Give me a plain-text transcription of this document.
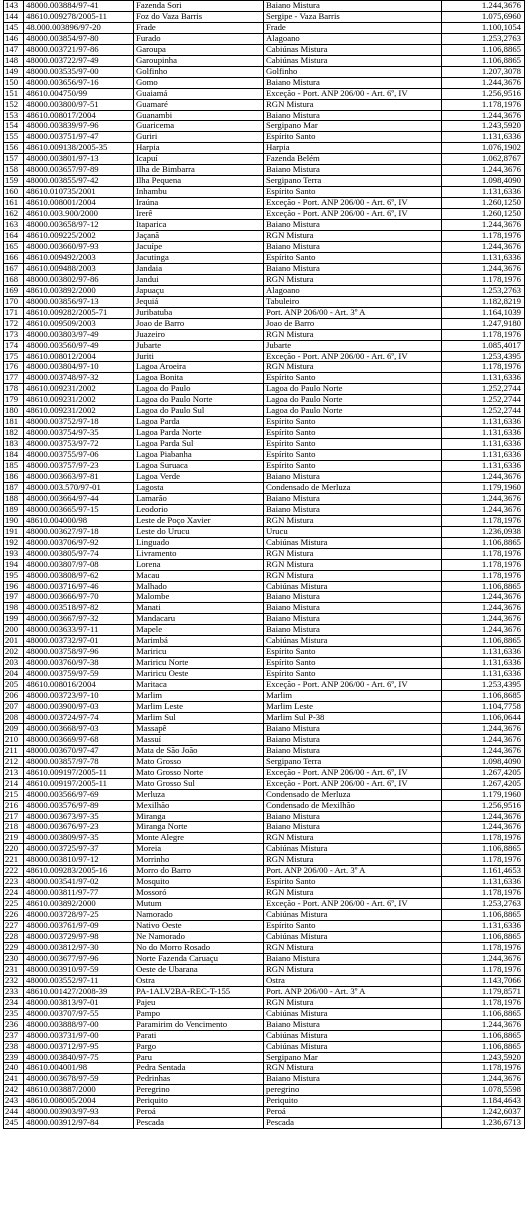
143	48000.003884/97-41	Fazenda Sori	Baiano Mistura	1.244,3676
144	48610.009278/2005-11	Foz do Vaza Barris	Sergipe - Vaza Barris	1.075,6960
145	48.000.003896/97-20	Frade	Frade	1.100,1054
146	48000.003854/97-80	Furado	Alagoano	1.253,2763
147	48000.003721/97-86	Garoupa	Cabiúnas Mistura	1.106,8865
148	48000.003722/97-49	Garoupinha	Cabiúnas Mistura	1.106,8865
149	48000.003535/97-00	Golfinho	Golfinho	1.207,3078
150	48000.003656/97-16	Gomo	Baiano Mistura	1.244,3676
151	48610.004750/99	Guaiamá	Exceção - Port. ANP 206/00 - Art. 6º, IV	1.256,9516
152	48000.003800/97-51	Guamaré	RGN Mistura	1.178,1976
153	48610.008017/2004	Guanambi	Baiano Mistura	1.244,3676
154	48000.003839/97-96	Guaricema	Sergipano Mar	1.243,5920
155	48000.003751/97-47	Guriri	Espírito Santo	1.131,6336
156	48610.009138/2005-35	Harpia	Harpia	1.076,1902
157	48000.003801/97-13	Icapuí	Fazenda Belém	1.062,8767
158	48000.003657/97-89	Ilha de Bimbarra	Baiano Mistura	1.244,3676
159	48000.003855/97-42	Ilha Pequena	Sergipano Terra	1.098,4090
160	48610.010735/2001	Inhambu	Espírito Santo	1.131,6336
161	48610.008001/2004	Iraúna	Exceção - Port. ANP 206/00 - Art. 6º, IV	1.260,1250
162	48610.003.900/2000	Irerê	Exceção - Port. ANP 206/00 - Art. 6º, IV	1.260,1250
163	48000.003658/97-12	Itaparica	Baiano Mistura	1.244,3676
164	48610.009225/2002	Jaçanã	RGN Mistura	1.178,1976
165	48000.003660/97-93	Jacuípe	Baiano Mistura	1.244,3676
166	48610.009492/2003	Jacutinga	Espírito Santo	1.131,6336
167	48610.009488/2003	Jandaia	Baiano Mistura	1.244,3676
168	48000.003802/97-86	Jandui	RGN Mistura	1.178,1976
169	48610.003892/2000	Japuaçu	Alagoano	1.253,2763
170	48000.003856/97-13	Jequiá	Tabuleiro	1.182,8219
171	48610.009282/2005-71	Juribatuba	Port. ANP 206/00 - Art. 3º A	1.164,1039
172	48610.009509/2003	Joao de Barro	Joao de Barro	1.247,9180
173	48000.003803/97-49	Juazeiro	RGN Mistura	1.178,1976
174	48000.003560/97-49	Jubarte	Jubarte	1.085,4017
175	48610.008012/2004	Juriti	Exceção - Port. ANP 206/00 - Art. 6º, IV	1.253,4395
176	48000.003804/97-10	Lagoa Aroeira	RGN Mistura	1.178,1976
177	48000.003748/97-32	Lagoa Bonita	Espírito Santo	1.131,6336
178	48610.009231/2002	Lagoa do Paulo	Lagoa do Paulo Norte	1.252,2744
179	48610.009231/2002	Lagoa do Paulo Norte	Lagoa do Paulo Norte	1.252,2744
180	48610.009231/2002	Lagoa do Paulo Sul	Lagoa do Paulo Norte	1.252,2744
181	48000.003752/97-18	Lagoa Parda	Espírito Santo	1.131,6336
182	48000.003754/97-35	Lagoa Parda Norte	Espírito Santo	1.131,6336
183	48000.003753/97-72	Lagoa Parda Sul	Espírito Santo	1.131,6336
184	48000.003755/97-06	Lagoa Piabanha	Espírito Santo	1.131,6336
185	48000.003757/97-23	Lagoa Suruaca	Espírito Santo	1.131,6336
186	48000.003663/97-81	Lagoa Verde	Baiano Mistura	1.244,3676
187	48000.003.570/97-01	Lagosta	Condensado de Merluza	1.179,1960
188	48000.003664/97-44	Lamarão	Baiano Mistura	1.244,3676
189	48000.003665/97-15	Leodorio	Baiano Mistura	1.244,3676
190	48610.004000/98	Leste de Poço Xavier	RGN Mistura	1.178,1976
191	48000.003627/97-18	Leste do Urucu	Urucu	1.236,0938
192	48000.003706/97-92	Linguado	Cabiúnas Mistura	1.106,8865
193	48000.003805/97-74	Livramento	RGN Mistura	1.178,1976
194	48000.003807/97-08	Lorena	RGN Mistura	1.178,1976
195	48000.003808/97-62	Macau	RGN Mistura	1.178,1976
196	48000.003716/97-46	Malhado	Cabiúnas Mistura	1.106,8865
197	48000.003666/97-70	Malombe	Baiano Mistura	1.244,3676
198	48000.003518/97-82	Manati	Baiano Mistura	1.244,3676
199	48000.003667/97-32	Mandacaru	Baiano Mistura	1.244,3676
200	48000.003633/97-11	Mapele	Baiano Mistura	1.244,3676
201	48000.003732/97-01	Marimbá	Cabiúnas Mistura	1.106,8865
202	48000.003758/97-96	Mariricu	Espírito Santo	1.131,6336
203	48000.003760/97-38	Mariricu Norte	Espírito Santo	1.131,6336
204	48000.003759/97-59	Mariricu Oeste	Espírito Santo	1.131,6336
205	48610.008016/2004	Maritaca	Exceção - Port. ANP 206/00 - Art. 6º, IV	1.253,4395
206	48000.003723/97-10	Marlim	Marlim	1.106,8685
207	48000.003900/97-03	Marlim Leste	Marlim Leste	1.104,7758
208	48000.003724/97-74	Marlim Sul	Marlim Sul P-38	1.106,0644
209	48000.003668/97-03	Massapê	Baiano Mistura	1.244,3676
210	48000.003669/97-68	Massuí	Baiano Mistura	1.244,3676
211	48000.003670/97-47	Mata de São João	Baiano Mistura	1.244,3676
212	48000.003857/97-78	Mato Grosso	Sergipano Terra	1.098,4090
213	48610.009197/2005-11	Mato Grosso Norte	Exceção - Port. ANP 206/00 - Art. 6º, IV	1.267,4205
214	48610.009197/2005-11	Mato Grosso Sul	Exceção - Port. ANP 206/00 - Art. 6º, IV	1.267,4205
215	48000.003566/97-69	Merluza	Condensado de Merluza	1.179,1960
216	48000.003576/97-89	Mexilhão	Condensado de Mexilhão	1.256,9516
217	48000.003673/97-35	Miranga	Baiano Mistura	1.244,3676
218	48000.003676/97-23	Miranga Norte	Baiano Mistura	1.244,3676
219	48000.003809/97-35	Monte Alegre	RGN Mistura	1.178,1976
220	48000.003725/97-37	Moreia	Cabiúnas Mistura	1.106,8865
221	48000.003810/97-12	Morrinho	RGN Mistura	1.178,1976
222	48610.009283/2005-16	Morro do Barro	Port. ANP 206/00 - Art. 3º A	1.161,4653
223	48000.003541/97-02	Mosquito	Espírito Santo	1.131,6336
224	48000.003811/97-77	Mossoró	RGN Mistura	1.178,1976
225	48610.003892/2000	Mutum	Exceção - Port. ANP 206/00 - Art. 6º, IV	1.253,2763
226	48000.003728/97-25	Namorado	Cabiúnas Mistura	1.106,8865
227	48000.003761/97-09	Nativo Oeste	Espírito Santo	1.131,6336
228	48000.003729/97-98	Ne Namorado	Cabiúnas Mistura	1.106,8865
229	48000.003812/97-30	No do Morro Rosado	RGN Mistura	1.178,1976
230	48000.003677/97-96	Norte Fazenda Caruaçu	Baiano Mistura	1.244,3676
231	48000.003910/97-59	Oeste de Ubarana	RGN Mistura	1.178,1976
232	48000.003552/97-11	Ostra	Ostra	1.143,7066
233	48610.001427/2008-39	PA-1ALV2BA-REC-T-155	Port. ANP 206/00 - Art. 3º A	1.179,8571
234	48000.003813/97-01	Pajeu	RGN Mistura	1.178,1976
235	48000.003707/97-55	Pampo	Cabiúnas Mistura	1.106,8865
236	48000.003888/97-00	Paramirim do Vencimento	Baiano Mistura	1.244,3676
237	48000.003731/97-00	Parati	Cabiúnas Mistura	1.106,8865
238	48000.003712/97-95	Pargo	Cabiúnas Mistura	1.106,8865
239	48000.003840/97-75	Paru	Sergipano Mar	1.243,5920
240	48610.004001/98	Pedra Sentada	RGN Mistura	1.178,1976
241	48000.003678/97-59	Pedrinhas	Baiano Mistura	1.244,3676
242	48610.003887/2000	Peregrino	peregrino	1.078,5598
243	48610.008005/2004	Periquito	Periquito	1.184,4643
244	48000.003903/97-93	Peroá	Peroá	1.242,6037
245	48000.003912/97-84	Pescada	Pescada	1.236,6713
